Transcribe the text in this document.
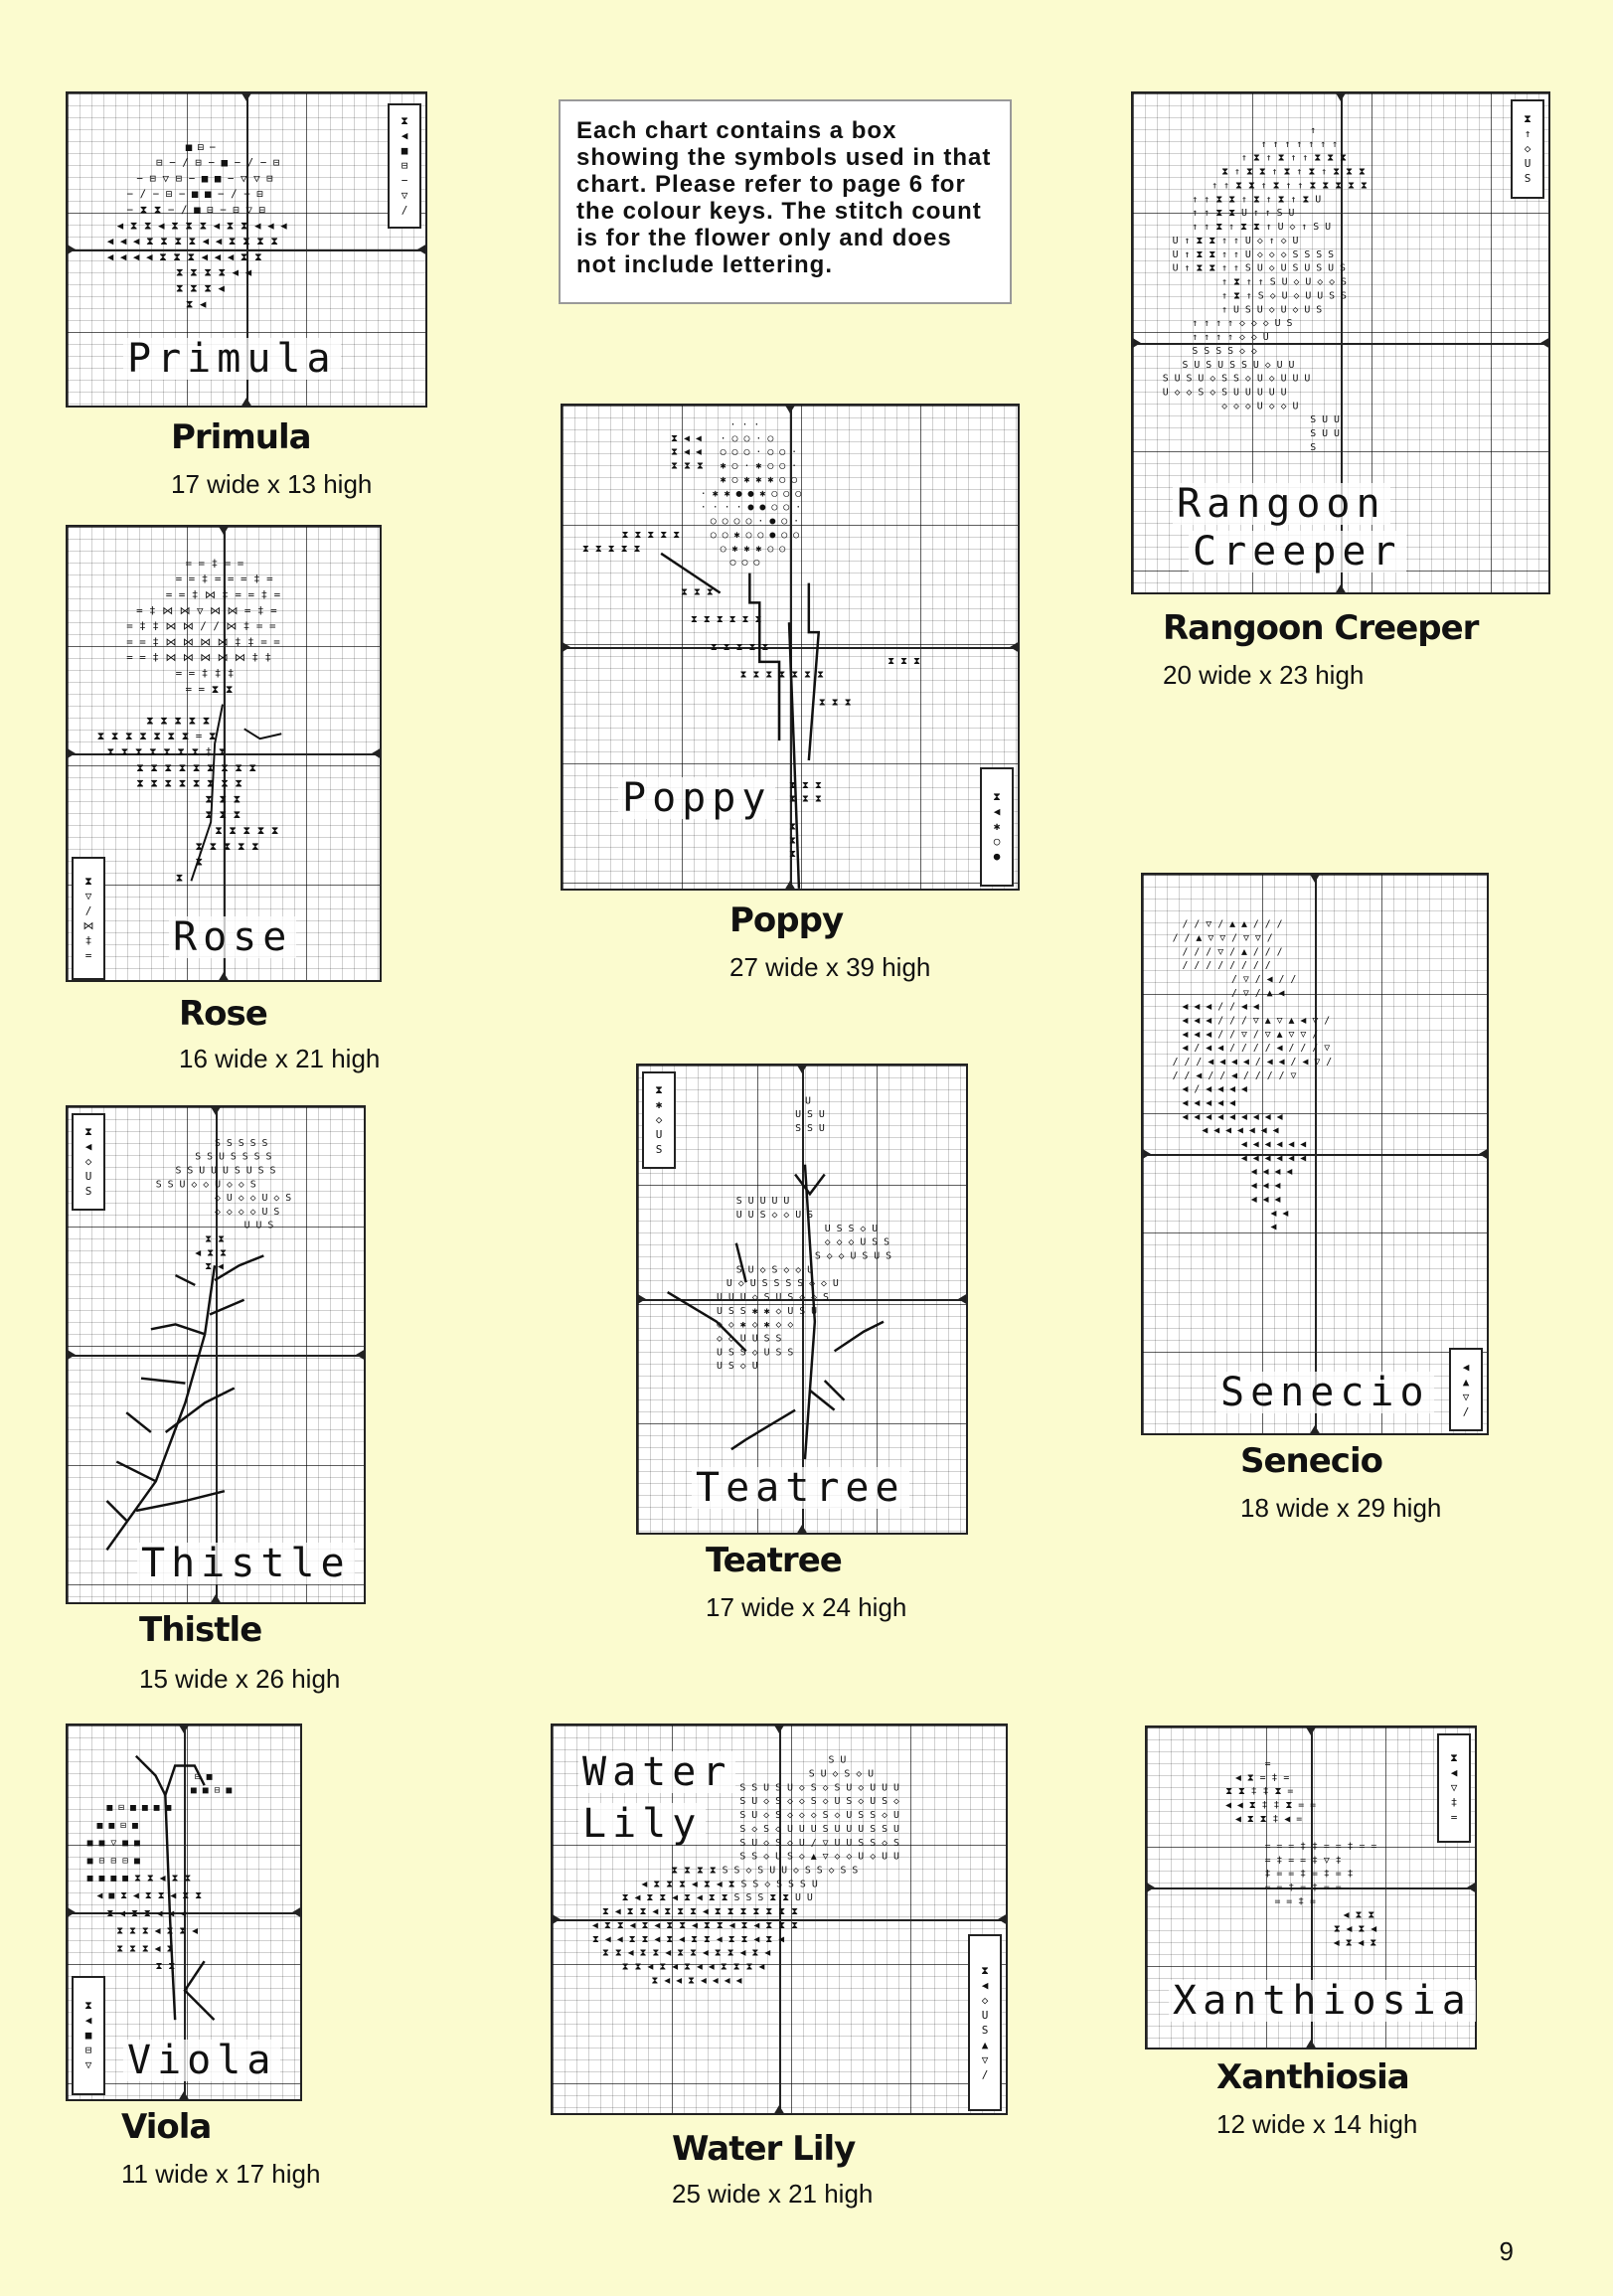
Each chart contains a box showing the symbols used in that chart. Please refer to page 6 for the colour keys. The stitch count is for the flower only and does not include lettering.
■ ⊟ −
⊟ − / ⊟ − ■ − / − ⊟
− ⊟ ▽ ⊟ − ■ ■ − ▽ ▽ ⊟
− / − ⊟ − ■ ■ − / − ⊟
− ⧗ ⧗ − / ■ ⊟ − ⊟ ▽ ⊟
◀ ⧗ ⧗ ◀ ⧗ ⧗ ⧗ ◀ ⧗ ⧗ ◀ ◀ ◀
◀ ◀ ◀ ⧗ ⧗ ⧗ ⧗ ◀ ◀ ⧗ ⧗ ⧗ ⧗
◀ ◀ ◀ ◀ ⧗ ⧗ ⧗ ◀ ◀ ◀ ⧗ ⧗
⧗ ⧗ ⧗ ⧗ ◀ ◀
⧗ ⧗ ⧗ ◀
⧗ ◀
⧗
◀
■
⊟
−
▽
/
Primula
Primula
17 wide x 13 high
= = ‡ = =
= = ‡ = = = ‡ =
= = ‡ ⋈ ‡ = = ‡ =
= ‡ ⋈ ⋈ ▽ ⋈ ⋈ = ‡ =
= ‡ ‡ ⋈ ⋈ / / ⋈ ‡ = =
= = ‡ ⋈ ⋈ ⋈ ⋈ ‡ ‡ = =
= = ‡ ⋈ ⋈ ⋈ ⋈ ⋈ ‡ ‡
= = ‡ ‡ ‡
= = ⧗ ⧗
⧗ ⧗ ⧗ ⧗ ⧗
⧗ ⧗ ⧗ ⧗ ⧗ ⧗ ⧗ = ⧗
⧗ ⧗ ⧗ ⧗ ⧗ ⧗ ⧗ ‡ ⧗
⧗ ⧗ ⧗ ⧗ ⧗ ⧗ ⧗ ⧗ ⧗
⧗ ⧗ ⧗ ⧗ ⧗ ⧗ ⧗ ⧗
⧗ ⧗ ⧗
⧗ ⧗ ⧗
⧗ ⧗ ⧗ ⧗ ⧗
⧗ ⧗ ⧗ ⧗ ⧗
⧗
⧗
⧗
▽
/
⋈
‡
= Rose
Rose
16 wide x 21 high
S S S S S
S S U S S S S
S S U U U S U S S
S S U ◇ ◇ U ◇ ◇ S
◇ U ◇ ◇ U ◇ S
◇ ◇ ◇ ◇ U S
U U S
⧗ ⧗
◀ ⧗ ⧗
⧗ ◀
⧗
◀
◇
U
S
Thistle
Thistle
15 wide x 26 high
⊟ ■
■ ■ ⊟ ■
■ ⊟ ■ ■ ■ ■
■ ■ ⊟ ■
■ ■ ▽ ■ ■
■ ⊟ ⊟ ⊟ ■
■ ■ ■ ■ ⧗ ⧗ ◀ ⧗ ⧗
◀ ■ ⧗ ◀ ⧗ ⧗ ◀ ⧗ ⧗
⧗ ◀ ⧗ ⧗ ◀ ◀ ◀
⧗ ⧗ ⧗ ◀ ⧗ ⧗ ◀
⧗ ⧗ ⧗ ◀ ⧗
⧗ ⧗
⧗
◀
■
⊟
▽ Viola
Viola
11 wide x 17 high
· · ·
· ○ ○ · ○
○ ○ ○ · ○ ○ ·
✱ ○ · ✱ ○ ○ ·
✱ ○ ✱ ✱ ✱ ○ ○
· ✱ ✱ ● ● ✱ ○ ○ ○
· · · · ● ● ○ ○ ·
○ ○ ○ ○ · ● ○ ·
○ ○ ✱ ○ ○ ● ○ ○
○ ✱ ✱ ✱ ○ ○
○ ○ ○
⧗ ◀ ◀
⧗ ◀ ◀
⧗ ⧗ ⧗
⧗ ⧗ ⧗ ⧗ ⧗
⧗ ⧗ ⧗ ⧗ ⧗
⧗ ⧗ ⧗
⧗ ⧗ ⧗ ⧗ ⧗ ⧗
⧗ ⧗ ⧗ ⧗ ⧗
⧗ ⧗ ⧗ ⧗ ⧗ ⧗ ⧗
⧗ ⧗ ⧗
⧗ ⧗ ⧗
⧗ ⧗ ⧗
⧗ ⧗ ⧗
⧗
⧗
⧗
⧗
◀
✱
○
●
Poppy
Poppy
27 wide x 39 high
U
U S U
S S U
S U U U U
U U S ◇ ◇ U S
U S S ◇ U
◇ ◇ ◇ U S S
S ◇ ◇ U S U S
S U ◇ S ◇ ◇ U
U ◇ U S S S S ◇ ◇ U
U U U ◇ S U S ◇ ◇ S
U S S ✱ ✱ ◇ U S U
◇ ◇ ✱ ◇ ✱ ◇ ◇
◇ ◇ U U S S
U S S ◇ U S S
U S ◇ U
⧗
✱
◇
U
S
Teatree
Teatree
17 wide x 24 high
S U
S U ◇ S ◇ U
S S U S U ◇ S ◇ S U ◇ U U U
S U ◇ S ◇ ◇ S ◇ U S ◇ U S ◇
S U ◇ S ◇ ◇ ◇ S ◇ U S S ◇ U
S ◇ S ◇ U U U S U U U S S U
S U ◇ S ◇ U / ▽ U U S S ◇ S
S S ◇ U S ◇ ▲ ▽ ◇ ◇ U ◇ U U
⧗ ⧗ ⧗ ⧗ S S ◇ S U U ◇ S S ◇ S S
◀ ⧗ ⧗ ⧗ ◀ ⧗ ◀ ⧗ S S ◇ S S S U
⧗ ◀ ⧗ ⧗ ◀ ⧗ ◀ ⧗ ⧗ S S S ⧗ ⧗ U U
⧗ ◀ ⧗ ⧗ ◀ ⧗ ⧗ ⧗ ◀ ⧗ ⧗ ⧗ ⧗ ⧗ ⧗ ⧗
◀ ⧗ ⧗ ◀ ⧗ ◀ ⧗ ⧗ ◀ ⧗ ⧗ ◀ ⧗ ◀ ⧗ ⧗ ⧗
⧗ ◀ ◀ ⧗ ⧗ ◀ ⧗ ◀ ⧗ ⧗ ◀ ⧗ ⧗ ◀ ⧗ ◀
⧗ ⧗ ◀ ⧗ ⧗ ◀ ⧗ ⧗ ◀ ⧗ ⧗ ◀ ⧗ ◀
⧗ ⧗ ◀ ⧗ ◀ ⧗ ◀ ◀ ⧗ ⧗ ⧗ ◀
⧗ ◀ ◀ ⧗ ◀ ◀ ◀ ◀
⧗
◀
◇
U
S
▲
▽
/
Water
Lily
Water Lily
25 wide x 21 high
↑
↑ ↑ ↑ ↑ ↑ ↑ ↑
↑ ⧗ ↑ ⧗ ↑ ↑ ⧗ ⧗ ⧗
⧗ ↑ ⧗ ⧗ ↑ ⧗ ↑ ⧗ ↑ ⧗ ⧗ ⧗
↑ ↑ ⧗ ⧗ ↑ ⧗ ↑ ↑ ⧗ ⧗ ⧗ ⧗ ⧗
↑ ↑ ⧗ ⧗ ↑ ⧗ ↑ ⧗ ↑ ⧗ U
↑ ↑ ⧗ ⧗ U ↑ ↑ S U
↑ ↑ ⧗ ↑ ⧗ ⧗ ↑ U ◇ ↑ S U
U ↑ ⧗ ⧗ ↑ ↑ U ◇ ↑ ◇ U
U ↑ ⧗ ⧗ ↑ ↑ U ◇ ◇ ◇ S S S S
U ↑ ⧗ ⧗ ↑ ↑ S U ◇ U S U S U S
↑ ⧗ ↑ ↑ S U ◇ U ◇ ◇ S
↑ ⧗ ↑ S ◇ U ◇ U U S S
↑ U S U ◇ U ◇ U S
↑ ↑ ↑ ↑ ◇ ◇ ◇ U S
↑ ↑ ↑ ↑ ◇ ◇ U
S S S S ◇ ◇
S U S U S S U ◇ U U
S U S U ◇ S S ◇ U ◇ U U U
U ◇ ◇ S ◇ S U U U U U
◇ ◇ ◇ U ◇ ◇ U
S U U
S U U
S
⧗
↑
◇
U
S
Rangoon
Creeper
Rangoon Creeper
20 wide x 23 high
/ / ▽ / ▲ ▲ / / /
/ / ▲ ▽ ▽ / ▽ ▽ /
/ / / ▽ / ▲ / / /
/ / / / / / / /
/ ▽ / ◀ / /
/ ▽ / ▲ ◀
◀ ◀ ◀ / / ◀ ◀
◀ ◀ ◀ / / / ▽ ▲ ▽ ▲ ◀ ▽ /
◀ ◀ ◀ / / ▽ / ▽ ▲ ▽ ▽ /
◀ / ◀ ◀ / / / / ◀ / / / ▽
/ / / ◀ ◀ ◀ ◀ / ◀ ◀ / ◀ ▽ /
/ / ◀ / / ◀ / / / / ▽
◀ / ◀ ◀ ◀ ◀
◀ ◀ ◀ ◀ ◀
◀ ◀ ◀ ◀ ◀ ◀ ◀ ◀ ◀
◀ ◀ ◀ ◀ ◀ ◀ ◀
◀ ◀ ◀ ◀ ◀ ◀
◀ ◀ ◀ ◀ ◀ ◀
◀ ◀ ◀ ◀
◀ ◀ ◀
◀ ◀ ◀
◀ ◀
◀
◀
▲
▽
/
Senecio
Senecio
18 wide x 29 high
=
◀ ⧗ = ‡ =
⧗ ⧗ ‡ ‡ ⧗ =
◀ ◀ ⧗ ‡ ‡ ⧗ = =
◀ ⧗ ⧗ ‡ ◀ =
= = = ‡ ‡ = = ‡ = =
= ‡ = = ‡ ▽ ‡
‡ = = ‡ = ‡ = ‡
= = ‡ = ‡ = =
= = ‡ =
◀ ⧗ ⧗
⧗ ◀ ⧗ ◀
◀ ⧗ ◀ ⧗
⧗
◀
▽
‡
=
Xanthiosia
Xanthiosia
12 wide x 14 high
9
